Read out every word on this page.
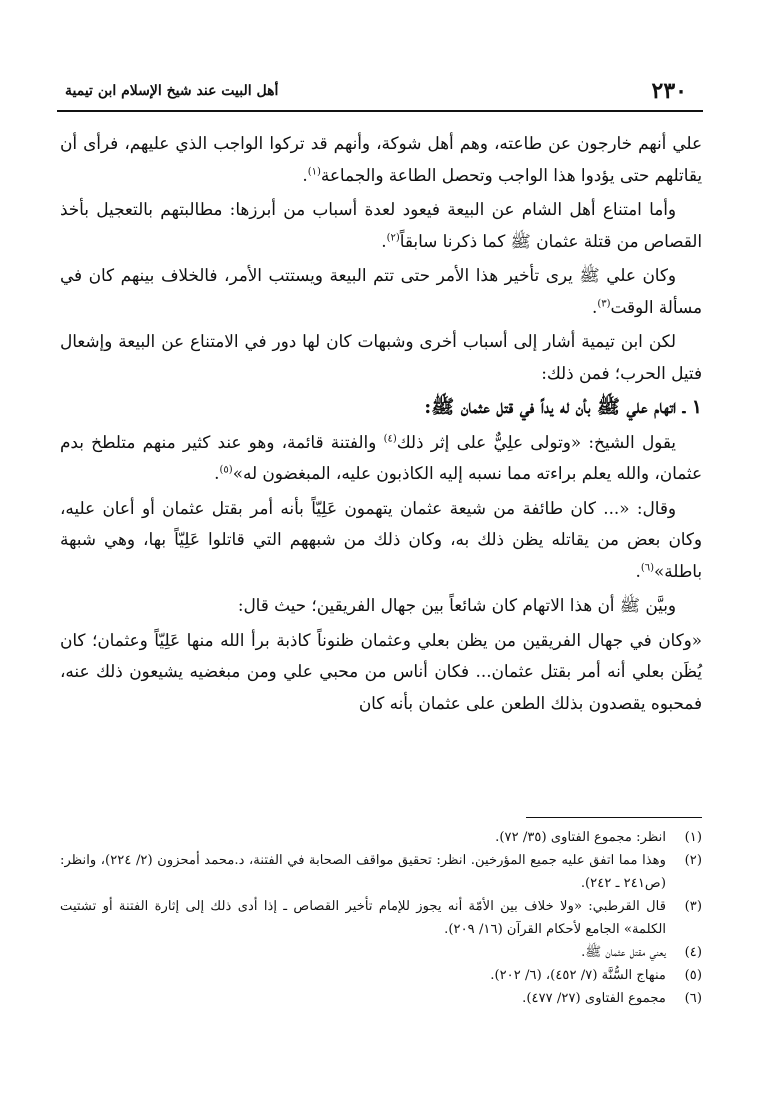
٢٣٠
أهل البيت عند شيخ الإسلام ابن تيمية

علي أنهم خارجون عن طاعته، وهم أهل شوكة، وأنهم قد تركوا الواجب الذي عليهم، فرأى أن يقاتلهم حتى يؤدوا هذا الواجب وتحصل الطاعة والجماعة$^{(١)}$.

وأما امتناع أهل الشام عن البيعة فيعود لعدة أسباب من أبرزها: مطالبتهم بالتعجيل بأخذ القصاص من قتلة عثمان ﷺ كما ذكرنا سابقاً$^{(٢)}$.

وكان علي ﷺ يرى تأخير هذا الأمر حتى تتم البيعة ويستتب الأمر، فالخلاف بينهم كان في مسألة الوقت$^{(٣)}$.

لكن ابن تيمية أشار إلى أسباب أخرى وشبهات كان لها دور في الامتناع عن البيعة وإشعال فتيل الحرب؛ فمن ذلك:

١ ـ اتهام علي ﷺ بأن له يداً في قتل عثمان ﷺ:

يقول الشيخ: «وتولى علِيٌّ على إثر ذلك$^{(٤)}$ والفتنة قائمة، وهو عند كثير منهم متلطخ بدم عثمان، والله يعلم براءته مما نسبه إليه الكاذبون عليه، المبغضون له»$^{(٥)}$.

وقال: «... كان طائفة من شيعة عثمان يتهمون عَلِيّاً بأنه أمر بقتل عثمان أو أعان عليه، وكان بعض من يقاتله يظن ذلك به، وكان ذلك من شبههم التي قاتلوا عَلِيّاً بها، وهي شبهة باطلة»$^{(٦)}$.

وبيَّن ﷺ أن هذا الاتهام كان شائعاً بين جهال الفريقين؛ حيث قال:

«وكان في جهال الفريقين من يظن بعلي وعثمان ظنوناً كاذبة برأ الله منها عَلِيّاً وعثمان؛ كان يُظَن بعلي أنه أمر بقتل عثمان... فكان أناس من محبي علي ومن مبغضيه يشيعون ذلك عنه، فمحبوه يقصدون بذلك الطعن على عثمان بأنه كان

(١)
انظر: مجموع الفتاوى (٣٥/ ٧٢).
(٢)
وهذا مما اتفق عليه جميع المؤرخين. انظر: تحقيق مواقف الصحابة في الفتنة، د.محمد أمحزون (٢/ ٢٢٤)، وانظر: (ص٢٤١ ـ ٢٤٢).
(٣)
قال القرطبي: «ولا خلاف بين الأمّة أنه يجوز للإمام تأخير القصاص ـ إذا أدى ذلك إلى إثارة الفتنة أو تشتيت الكلمة» الجامع لأحكام القرآن (١٦/ ٢٠٩).
(٤)
يعني مقتل عثمان ﷺ.
(٥)
منهاج السُّنَّة (٧/ ٤٥٢)، (٦/ ٢٠٢).
(٦)
مجموع الفتاوى (٢٧/ ٤٧٧).
